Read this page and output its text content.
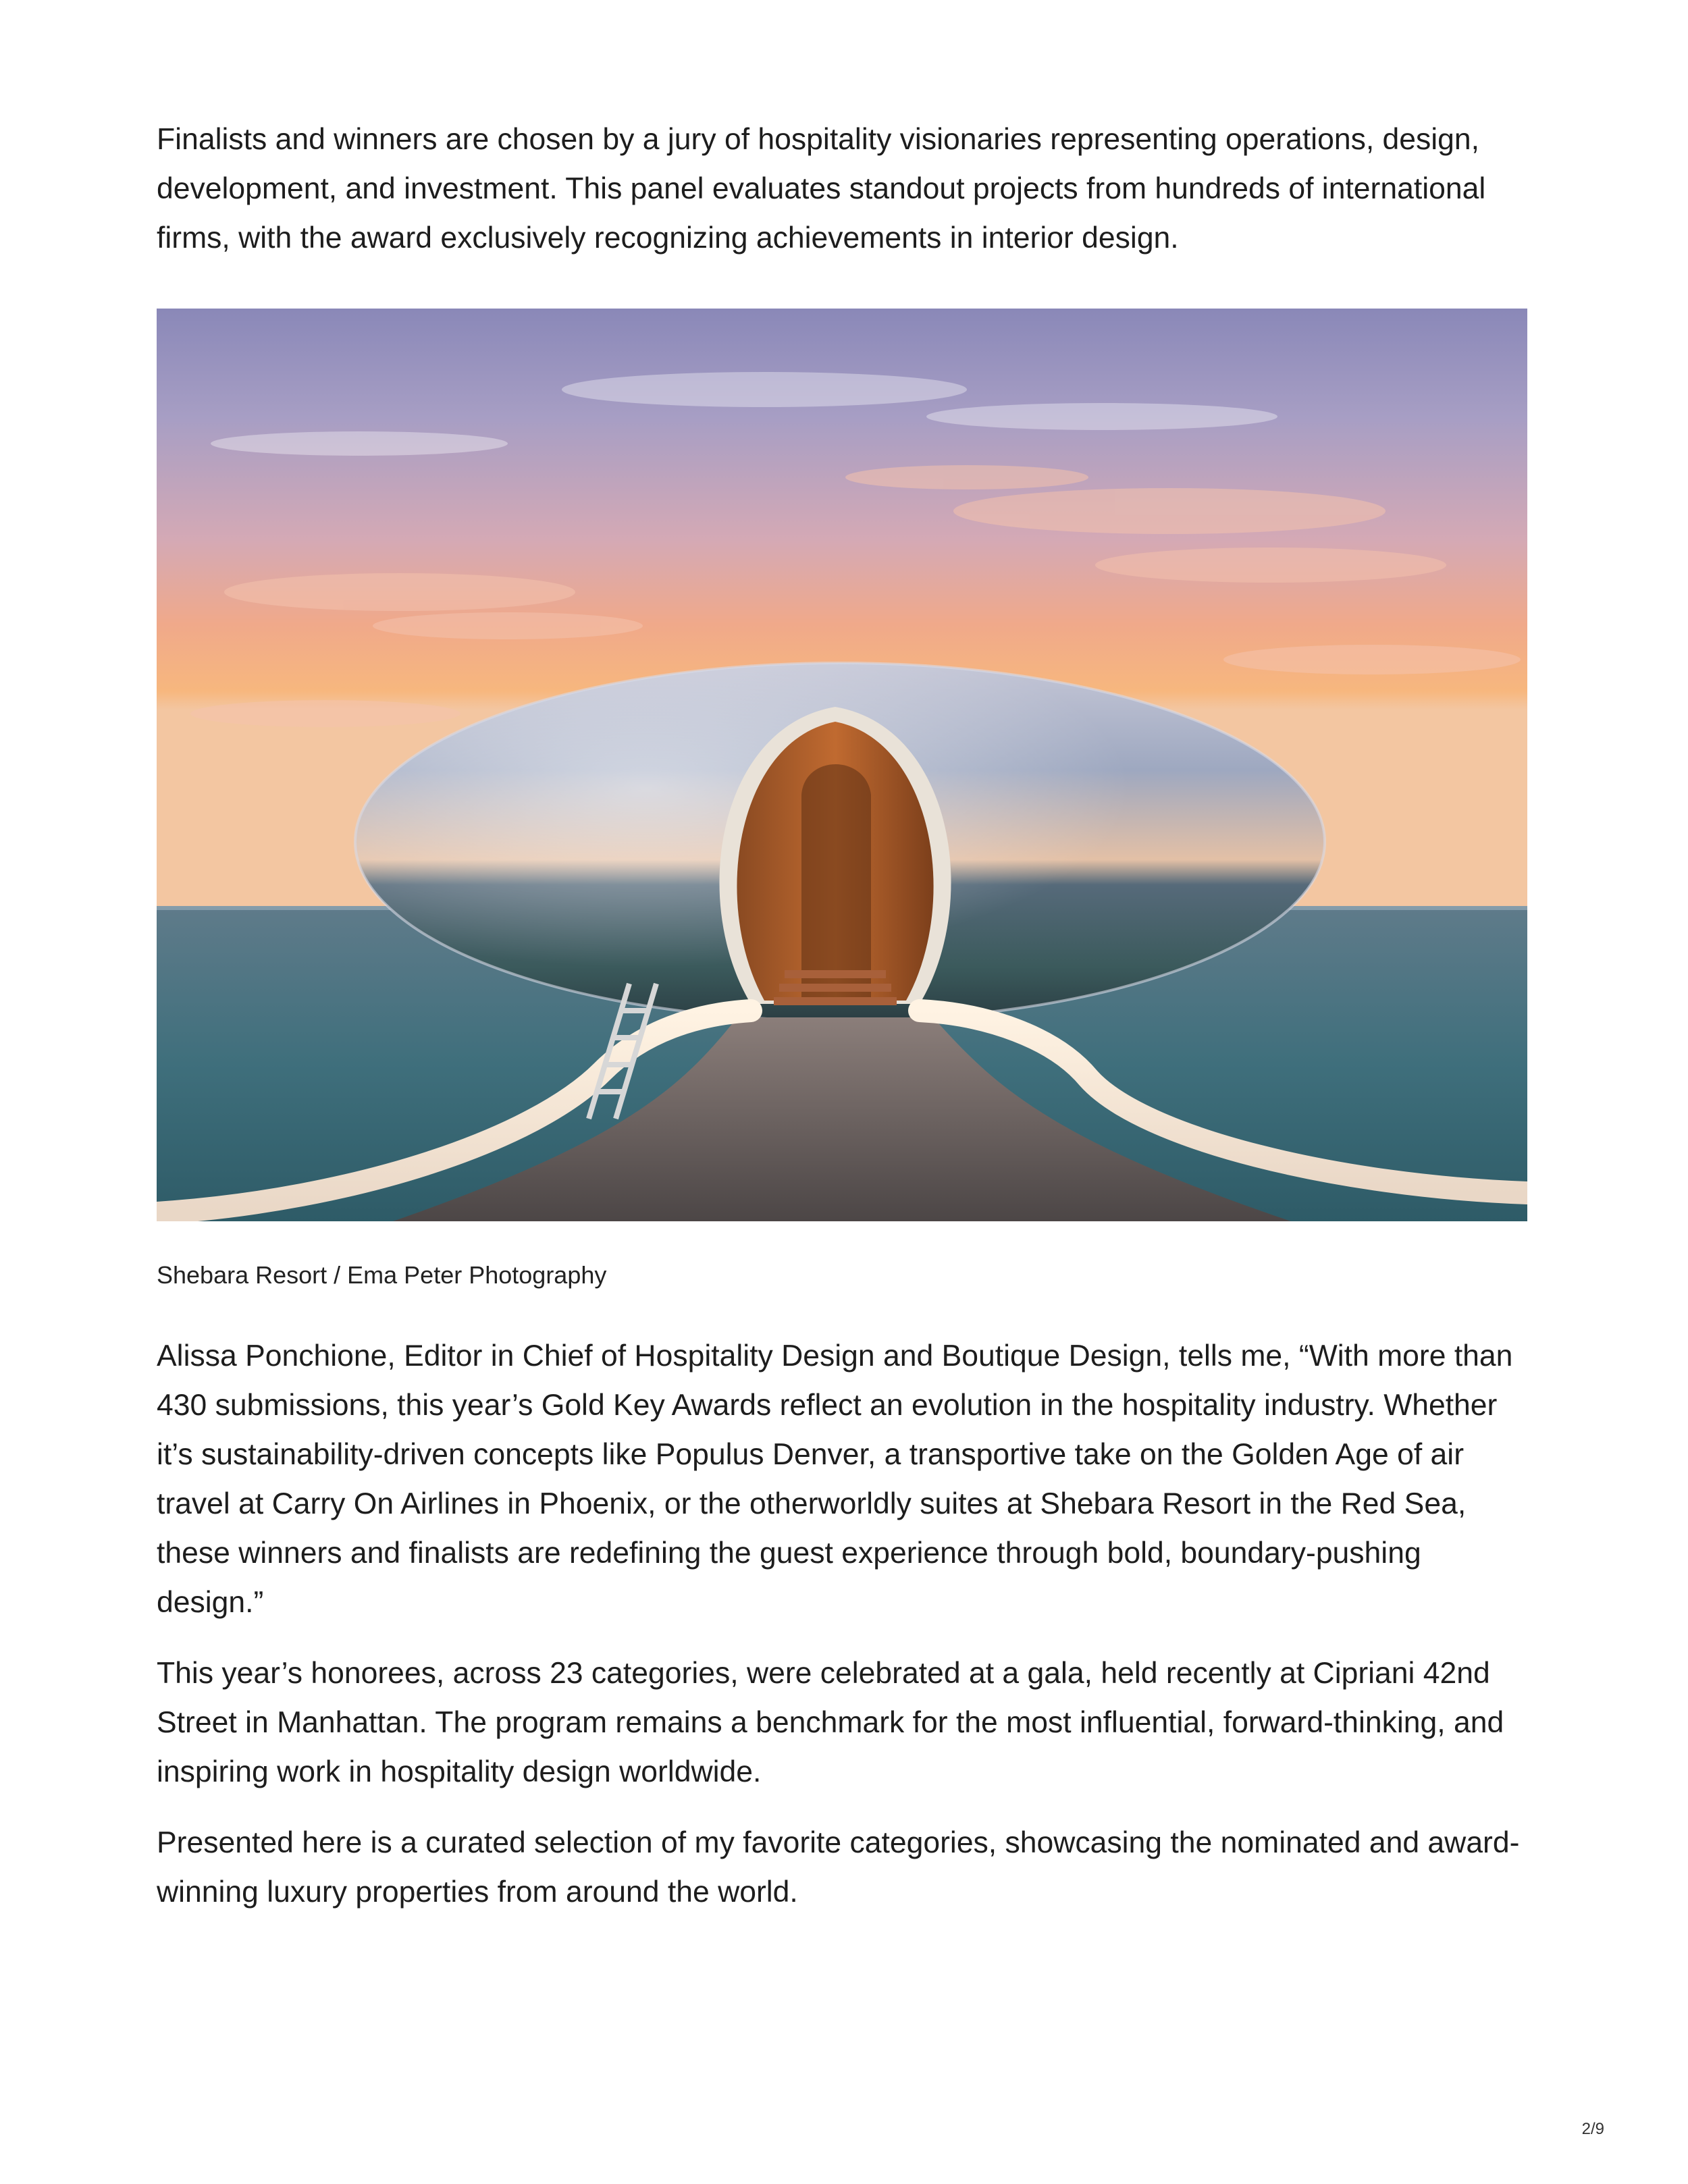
Finalists and winners are chosen by a jury of hospitality visionaries representing operations, design, development, and investment. This panel evaluates standout projects from hundreds of international firms, with the award exclusively recognizing achievements in interior design.

Shebara Resort / Ema Peter Photography

Alissa Ponchione, Editor in Chief of Hospitality Design and Boutique Design, tells me, “With more than 430 submissions, this year’s Gold Key Awards reflect an evolution in the hospitality industry. Whether it’s sustainability-driven concepts like Populus Denver, a transportive take on the Golden Age of air travel at Carry On Airlines in Phoenix, or the otherworldly suites at Shebara Resort in the Red Sea, these winners and finalists are redefining the guest experience through bold, boundary-pushing design.”

This year’s honorees, across 23 categories, were celebrated at a gala, held recently at Cipriani 42nd Street in Manhattan. The program remains a benchmark for the most influential, forward-thinking, and inspiring work in hospitality design worldwide.

Presented here is a curated selection of my favorite categories, showcasing the nominated and award-winning luxury properties from around the world.

2/9
